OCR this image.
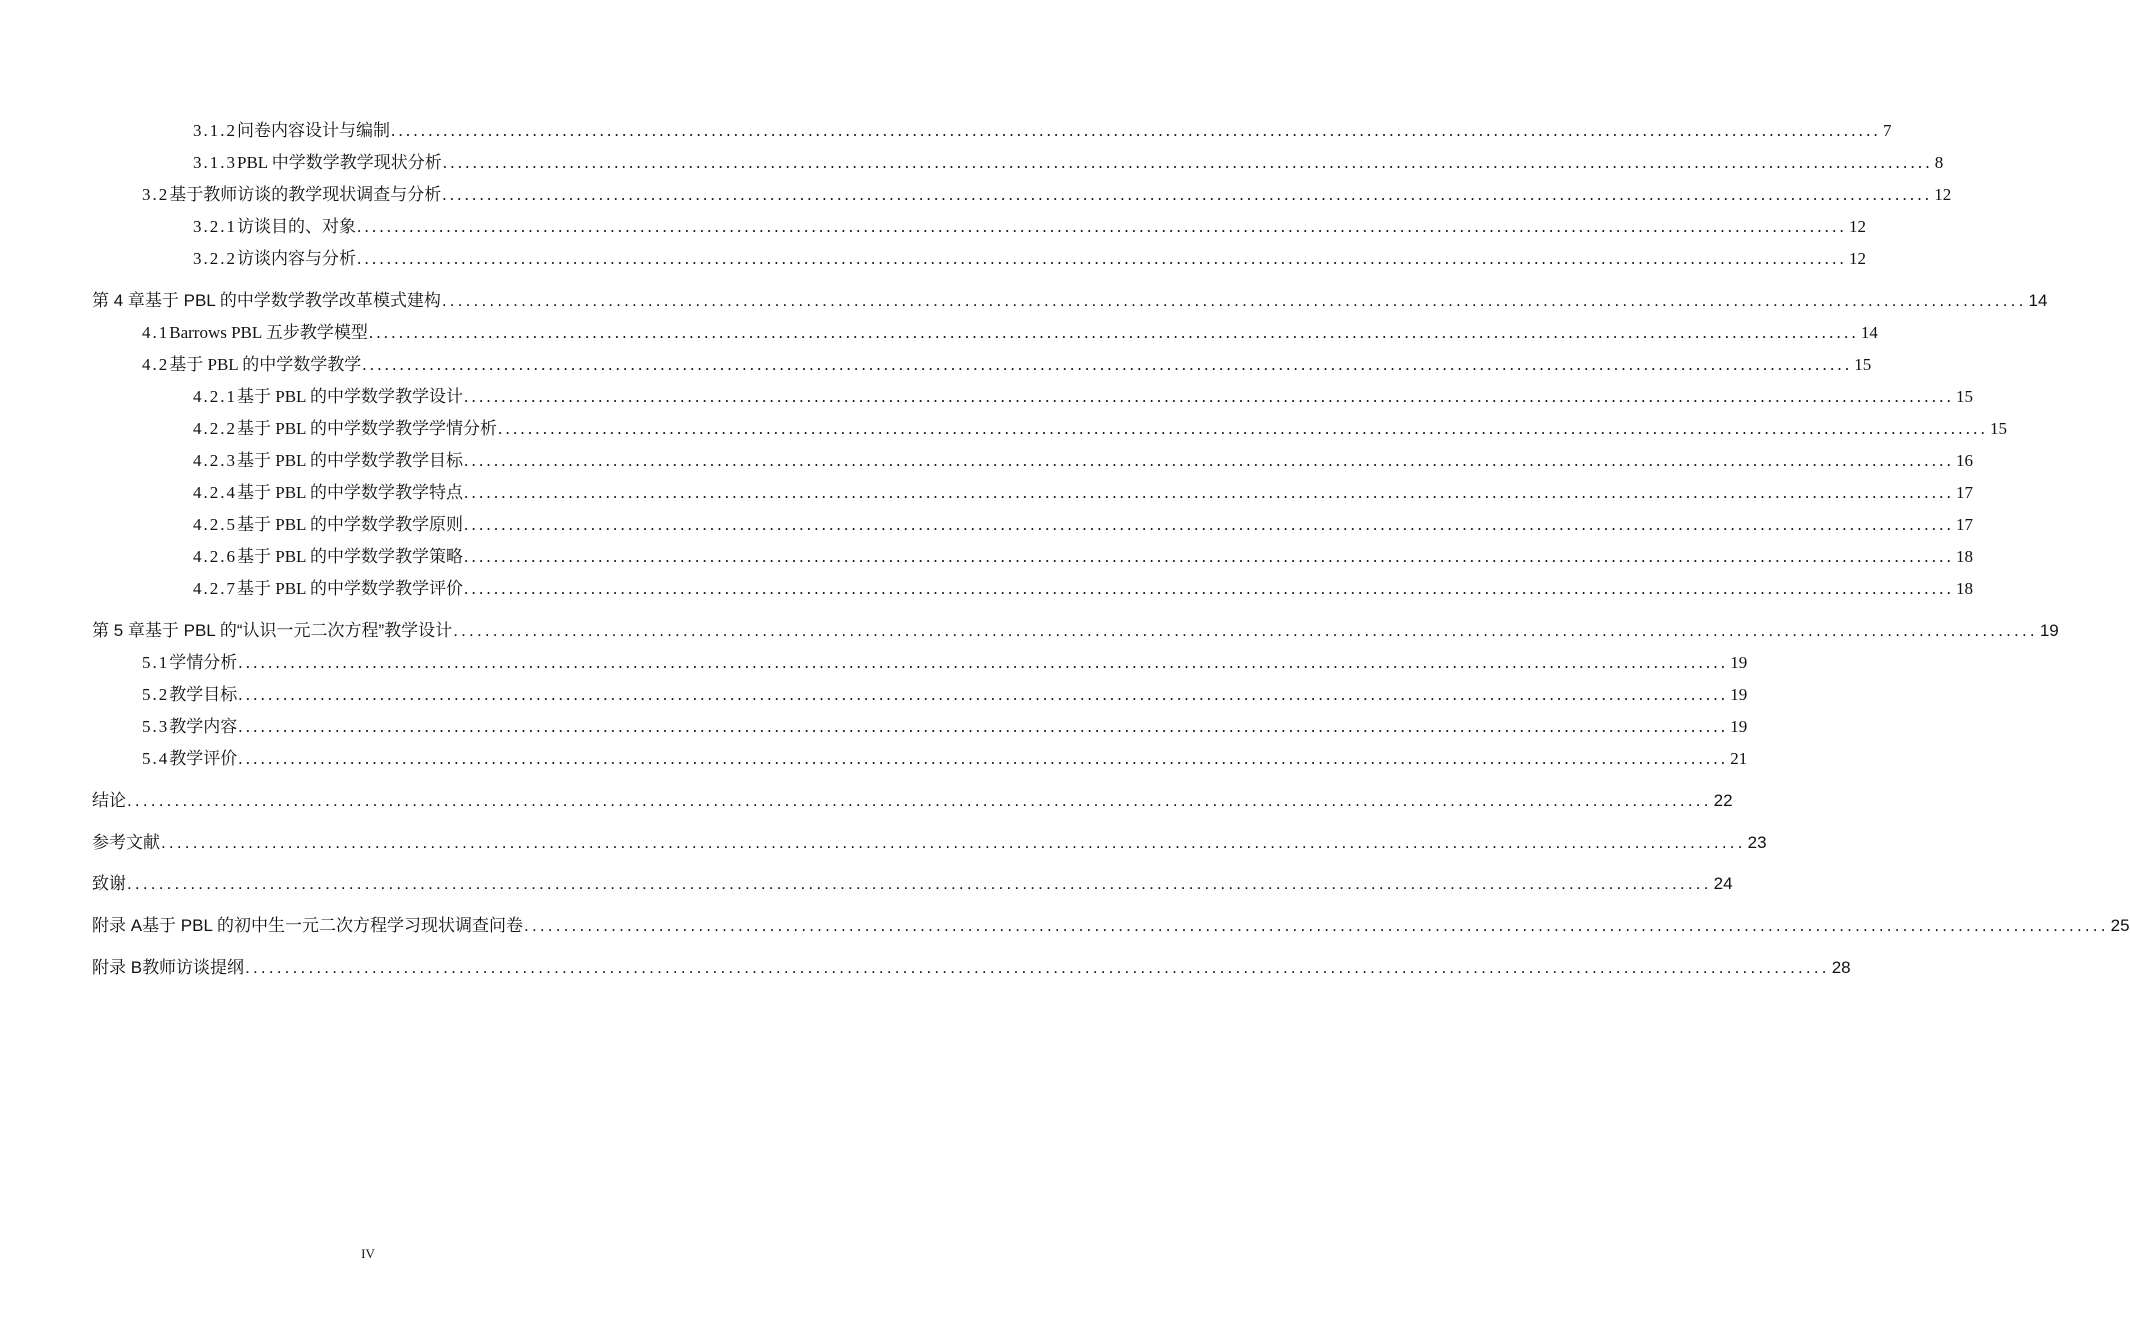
3.1.2 问卷内容设计与编制 ........................................................................................................................................................................................................ 7
3.1.3 PBL 中学数学教学现状分析 ........................................................................................................................................................................................................ 8
3.2 基于教师访谈的教学现状调查与分析 ........................................................................................................................................................................................................ 12
3.2.1 访谈目的、对象 ........................................................................................................................................................................................................ 12
3.2.2 访谈内容与分析 ........................................................................................................................................................................................................ 12
第 4 章 基于 PBL 的中学数学教学改革模式建构 ........................................................................................................................................................................................................ 14
4.1 Barrows PBL 五步教学模型 ........................................................................................................................................................................................................ 14
4.2 基于 PBL 的中学数学教学 ........................................................................................................................................................................................................ 15
4.2.1 基于 PBL 的中学数学教学设计 ........................................................................................................................................................................................................ 15
4.2.2 基于 PBL 的中学数学教学学情分析 ........................................................................................................................................................................................................ 15
4.2.3 基于 PBL 的中学数学教学目标 ........................................................................................................................................................................................................ 16
4.2.4 基于 PBL 的中学数学教学特点 ........................................................................................................................................................................................................ 17
4.2.5 基于 PBL 的中学数学教学原则 ........................................................................................................................................................................................................ 17
4.2.6 基于 PBL 的中学数学教学策略 ........................................................................................................................................................................................................ 18
4.2.7 基于 PBL 的中学数学教学评价 ........................................................................................................................................................................................................ 18
第 5 章 基于 PBL 的“认识一元二次方程”教学设计 ........................................................................................................................................................................................................ 19
5.1 学情分析 ........................................................................................................................................................................................................ 19
5.2 教学目标 ........................................................................................................................................................................................................ 19
5.3 教学内容 ........................................................................................................................................................................................................ 19
5.4 教学评价 ........................................................................................................................................................................................................ 21
结论 ........................................................................................................................................................................................................ 22
参考文献 ........................................................................................................................................................................................................ 23
致谢 ........................................................................................................................................................................................................ 24
附录 A 基于 PBL 的初中生一元二次方程学习现状调查问卷 ........................................................................................................................................................................................................ 25
附录 B 教师访谈提纲 ........................................................................................................................................................................................................ 28
IV
